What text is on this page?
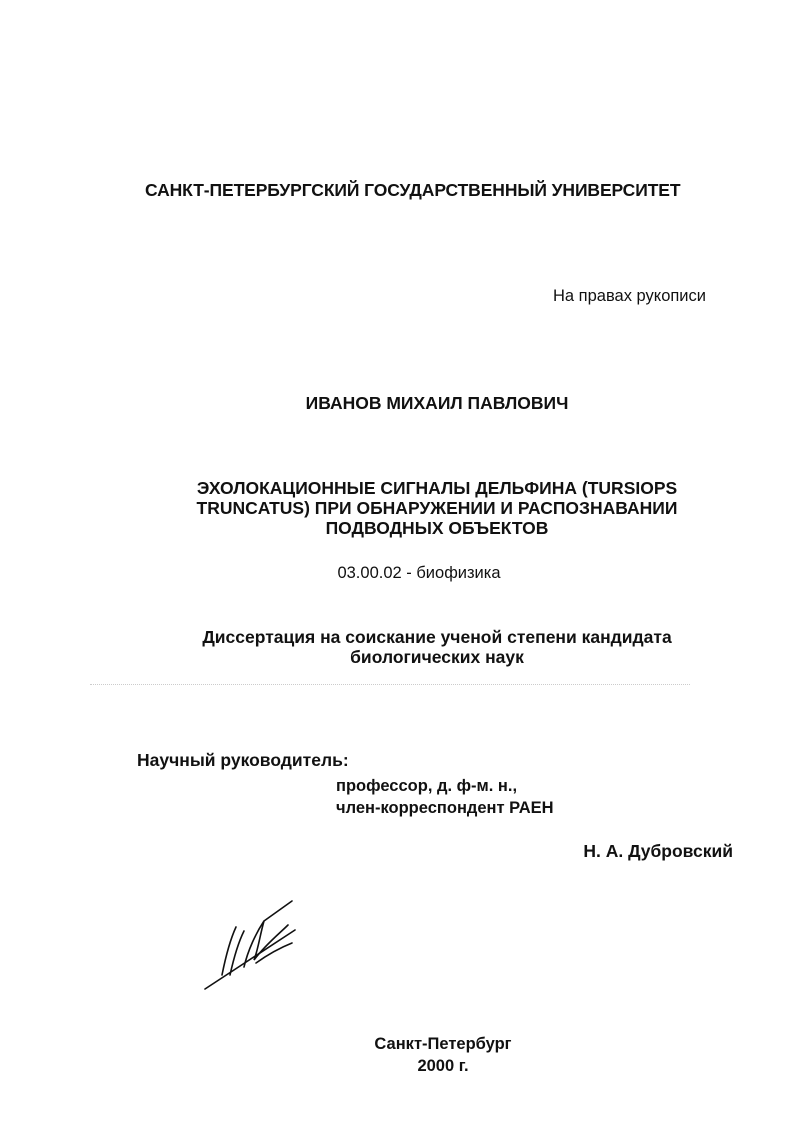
САНКТ-ПЕТЕРБУРГСКИЙ ГОСУДАРСТВЕННЫЙ УНИВЕРСИТЕТ
На правах рукописи
ИВАНОВ МИХАИЛ ПАВЛОВИЧ
ЭХОЛОКАЦИОННЫЕ СИГНАЛЫ ДЕЛЬФИНА (TURSIOPS
TRUNCATUS) ПРИ ОБНАРУЖЕНИИ И РАСПОЗНАВАНИИ
ПОДВОДНЫХ ОБЪЕКТОВ
03.00.02 - биофизика
Диссертация на соискание ученой степени кандидата
биологических наук
Научный руководитель:
профессор, д. ф-м. н.,
член-корреспондент РАЕН
Н. А. Дубровский
Санкт-Петербург
2000 г.
